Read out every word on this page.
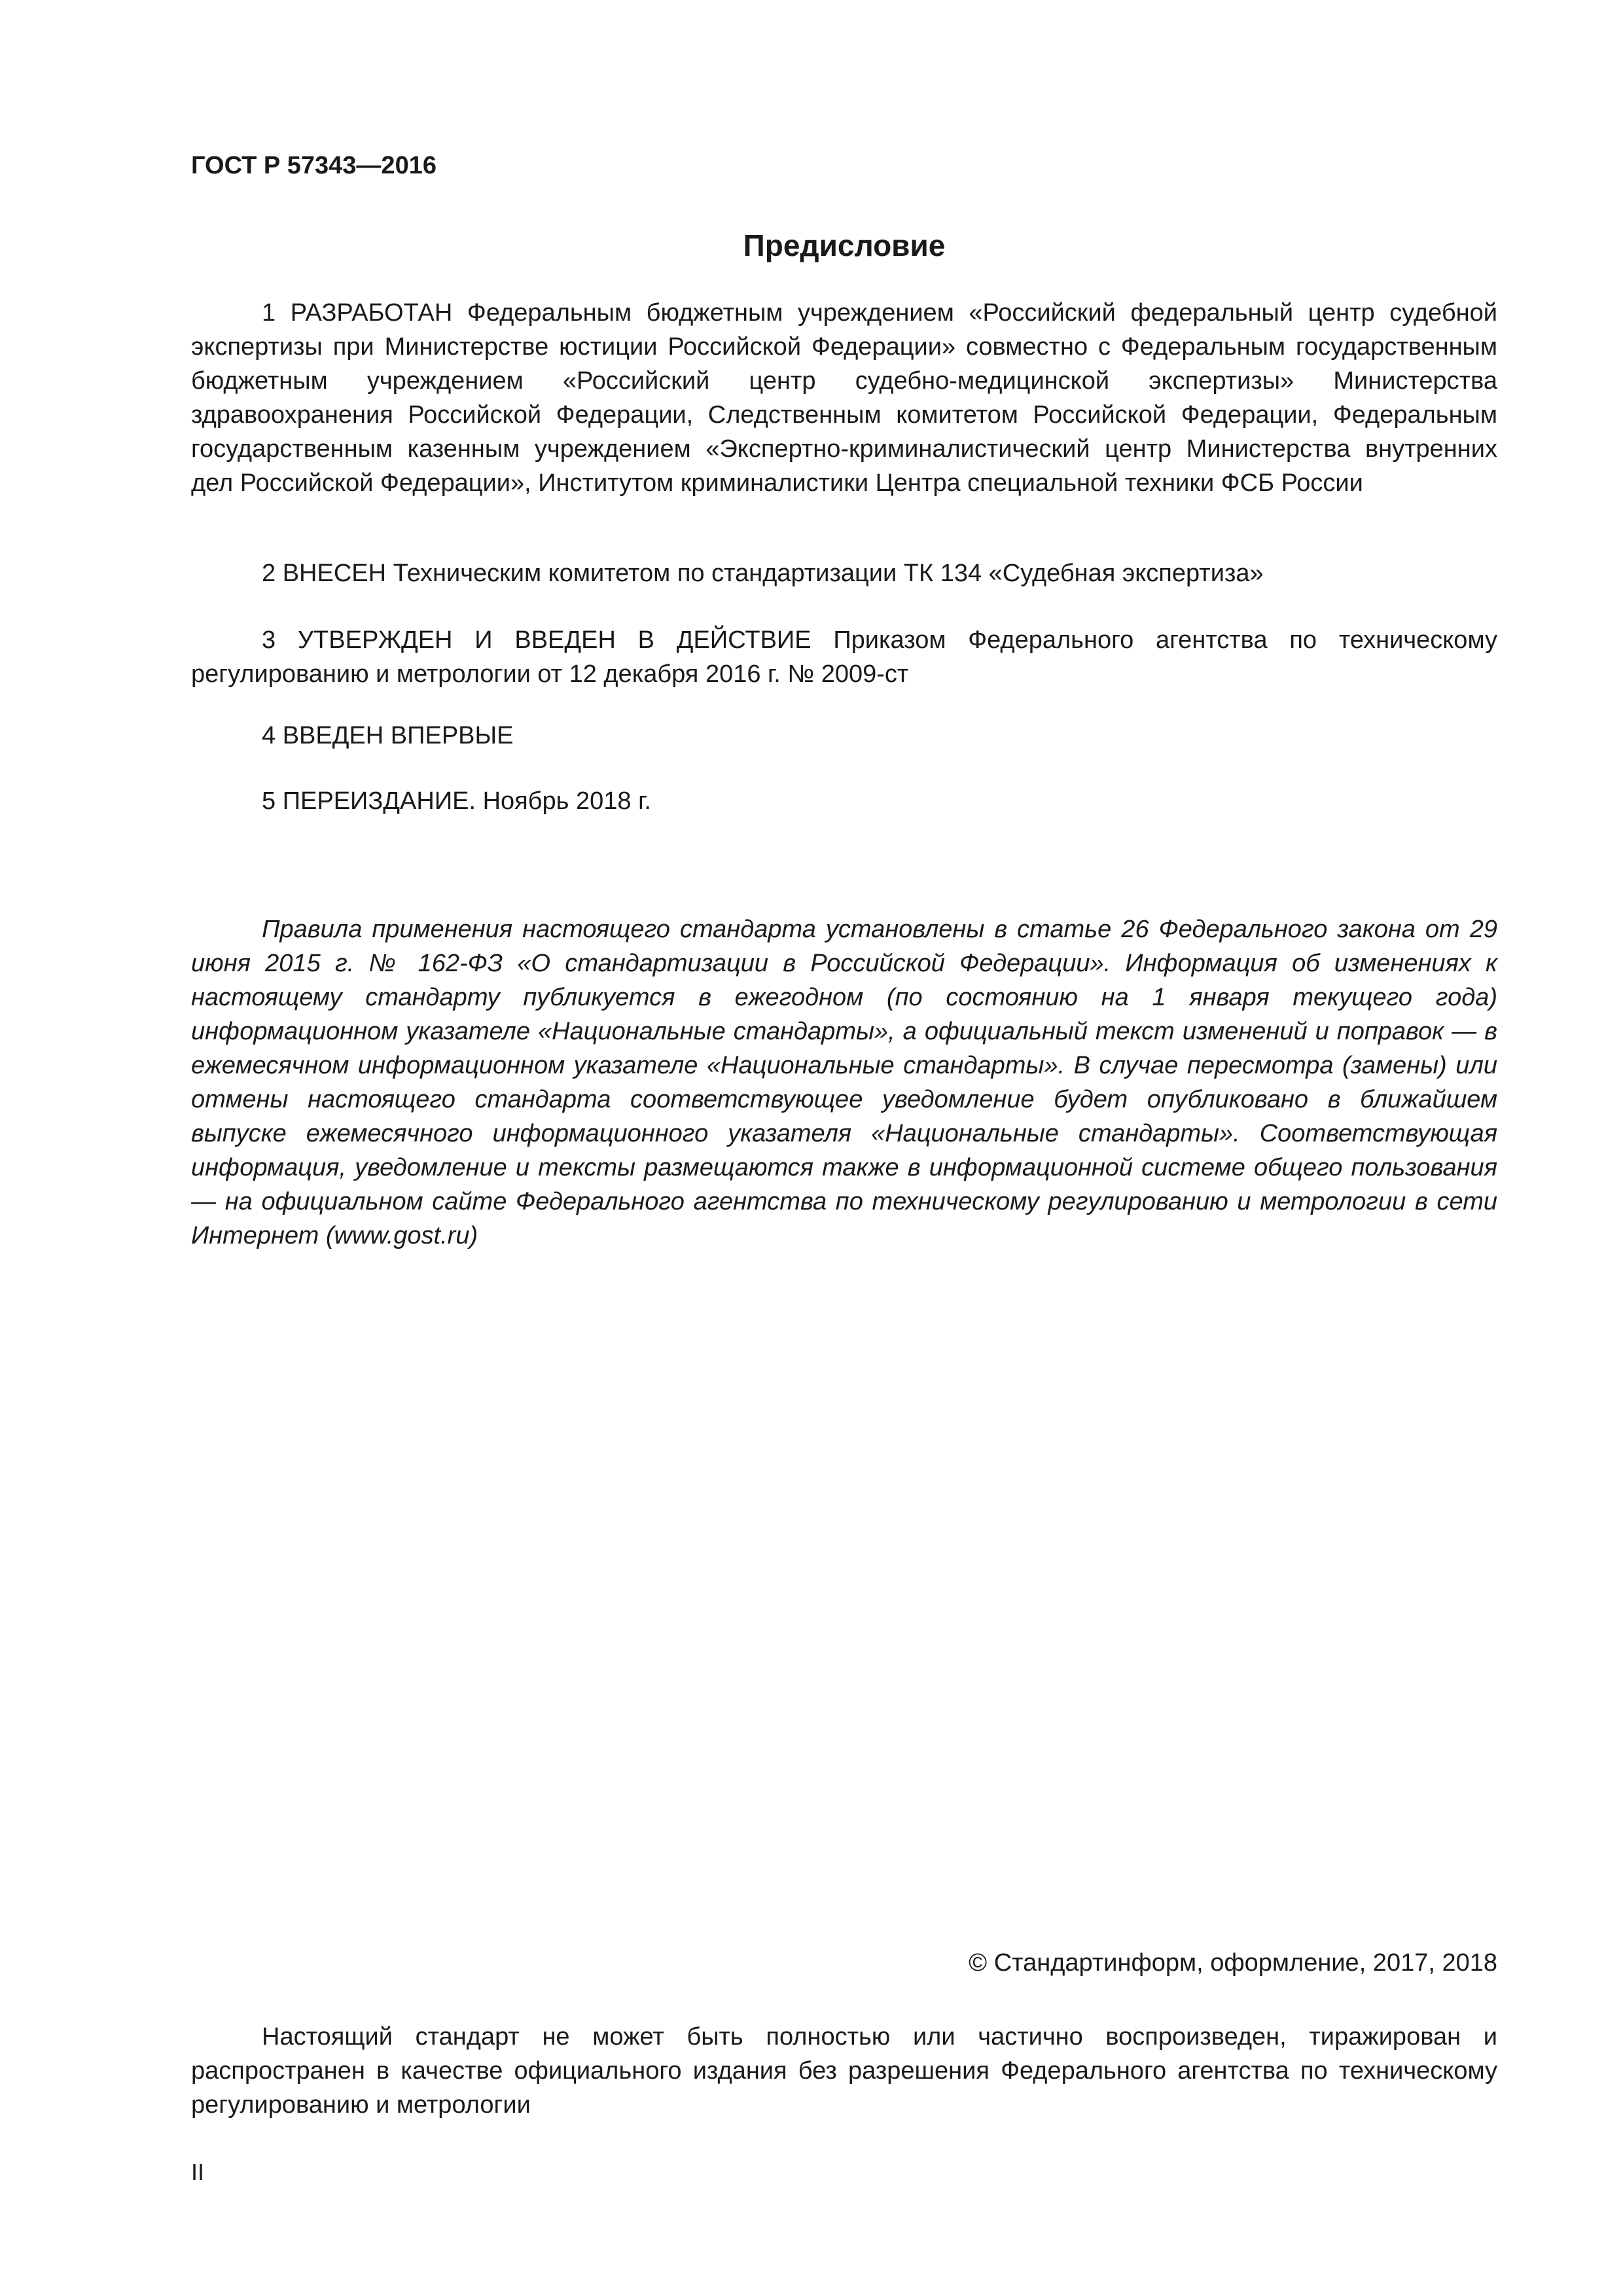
ГОСТ Р 57343—2016
Предисловие

1 РАЗРАБОТАН Федеральным бюджетным учреждением «Российский федеральный центр судебной экспертизы при Министерстве юстиции Российской Федерации» совместно с Федеральным государственным бюджетным учреждением «Российский центр судебно-медицинской экспертизы» Министерства здравоохранения Российской Федерации, Следственным комитетом Российской Федерации, Федеральным государственным казенным учреждением «Экспертно-криминалистический центр Министерства внутренних дел Российской Федерации», Институтом криминалистики Центра специальной техники ФСБ России

2 ВНЕСЕН Техническим комитетом по стандартизации ТК 134 «Судебная экспертиза»

3 УТВЕРЖДЕН И ВВЕДЕН В ДЕЙСТВИЕ Приказом Федерального агентства по техническому регулированию и метрологии от 12 декабря 2016 г. № 2009-ст

4 ВВЕДЕН ВПЕРВЫЕ

5 ПЕРЕИЗДАНИЕ. Ноябрь 2018 г.

Правила применения настоящего стандарта установлены в статье 26 Федерального закона от 29 июня 2015 г. № 162-ФЗ «О стандартизации в Российской Федерации». Информация об изменениях к настоящему стандарту публикуется в ежегодном (по состоянию на 1 января текущего года) информационном указателе «Национальные стандарты», а официальный текст изменений и поправок — в ежемесячном информационном указателе «Национальные стандарты». В случае пересмотра (замены) или отмены настоящего стандарта соответствующее уведомление будет опубликовано в ближайшем выпуске ежемесячного информационного указателя «Национальные стандарты». Соответствующая информация, уведомление и тексты размещаются также в информационной системе общего пользования — на официальном сайте Федерального агентства по техническому регулированию и метрологии в сети Интернет (www.gost.ru)

© Стандартинформ, оформление, 2017, 2018

Настоящий стандарт не может быть полностью или частично воспроизведен, тиражирован и распространен в качестве официального издания без разрешения Федерального агентства по техническому регулированию и метрологии

II
